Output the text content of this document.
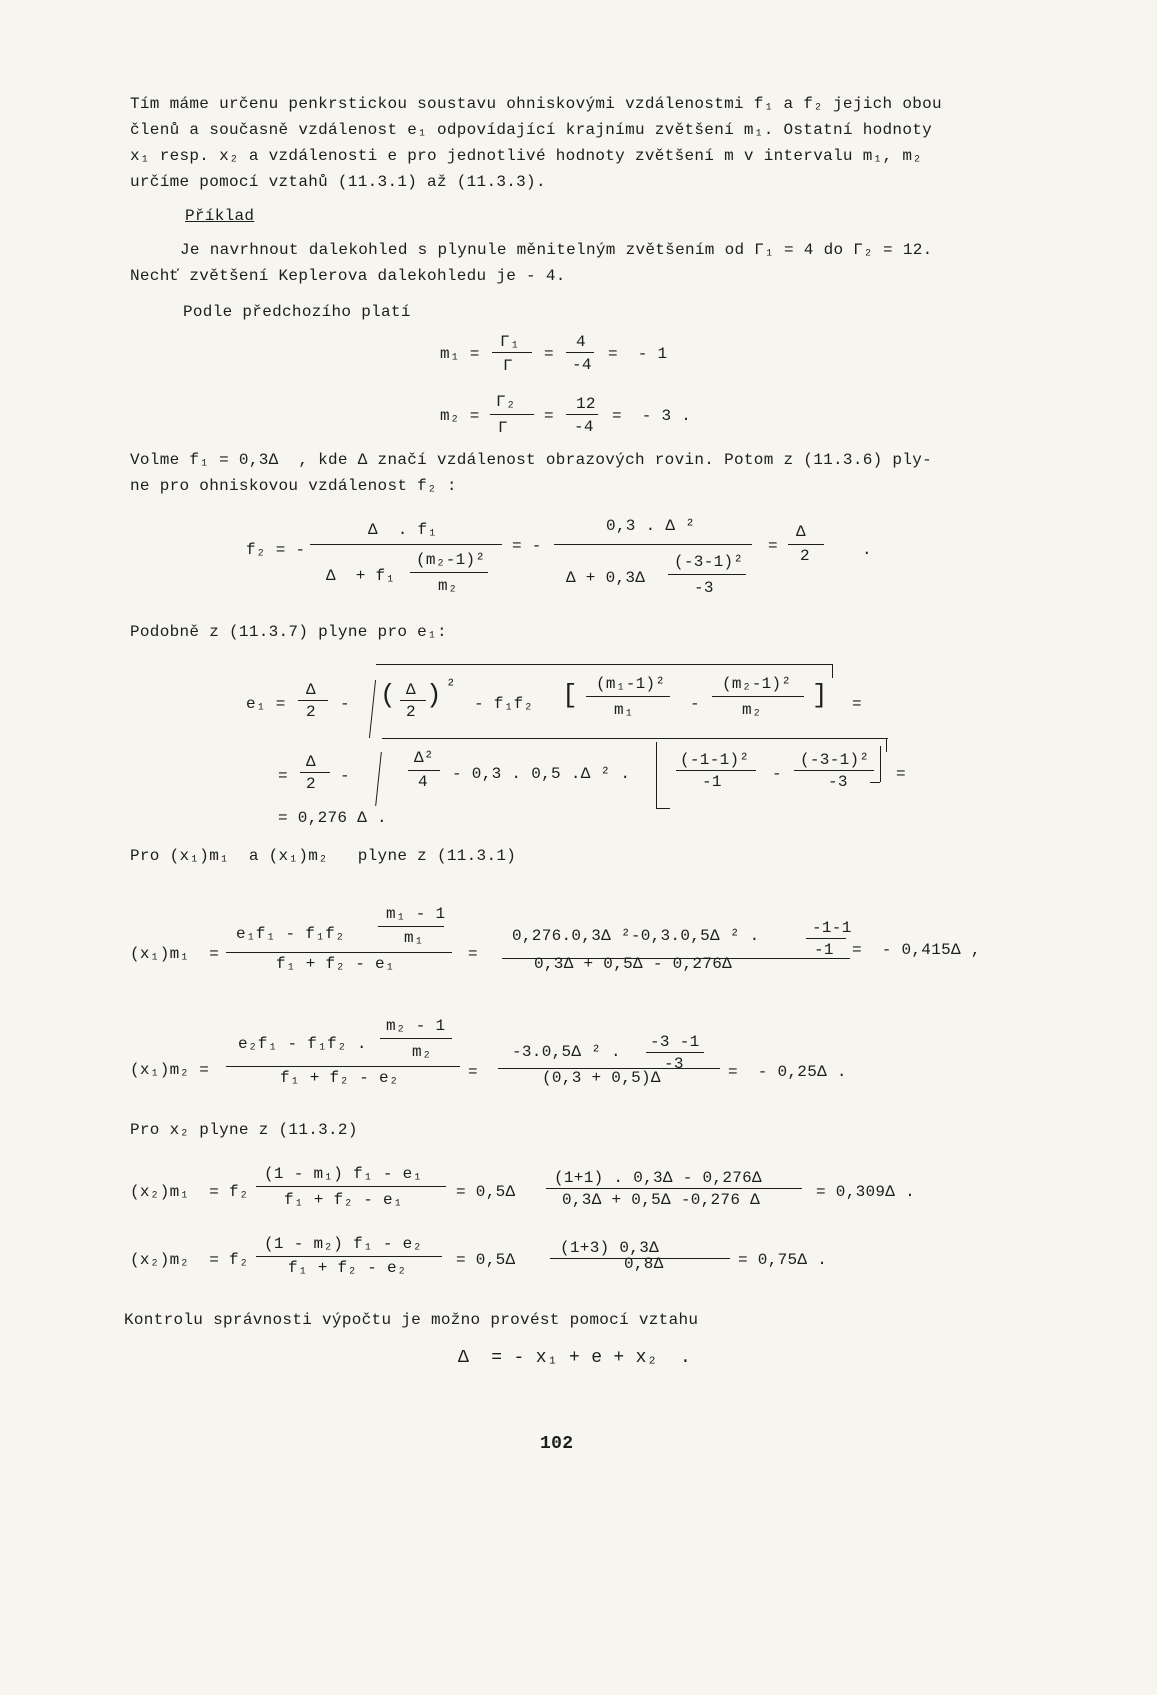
Tím máme určenu penkrstickou soustavu ohniskovými vzdálenostmi f₁ a f₂ jejich obou
členů a současně vzdálenost e₁ odpovídající krajnímu zvětšení m₁. Ostatní hodnoty
x₁ resp. x₂ a vzdálenosti e pro jednotlivé hodnoty zvětšení m v intervalu m₁, m₂
určíme pomocí vztahů (11.3.1) až (11.3.3).
Příklad
Je navrhnout dalekohled s plynule měnitelným zvětšením od Γ₁ = 4 do Γ₂ = 12.
Nechť zvětšení Keplerova dalekohledu je - 4.
Podle předchozího platí
m₁ =
Γ₁
Γ
=
4
-4
=  - 1
m₂ =
Γ₂
Γ
=
12
-4
=  - 3 .
Volme f₁ = 0,3Δ  , kde Δ značí vzdálenost obrazových rovin. Potom z (11.3.6) ply-
ne pro ohniskovou vzdálenost f₂ :
f₂ = -
Δ  . f₁
Δ  + f₁
(m₂-1)²
m₂
= -
0,3 . Δ ²
Δ + 0,3Δ
(-3-1)²
-3
=
Δ
2	.
Podobně z (11.3.7) plyne pro e₁:
e₁ =
Δ
2 - ( Δ
2
) ²
- f₁f₂ [ (m₁-1)²
m₁	-
(m₂-1)²
m₂ ] =
=
Δ
2 -
Δ²
4 - 0,3 . 0,5 .Δ ² .
(-1-1)²
-1	-
(-3-1)²
-3	=
= 0,276 Δ .
Pro (x₁)m₁  a (x₁)m₂   plyne z (11.3.1)
(x₁)m₁  =
e₁f₁ - f₁f₂
m₁ - 1
m₁
f₁ + f₂ - e₁
=
0,276.0,3Δ ²-0,3.0,5Δ ² .	-1-1
-1
0,3Δ + 0,5Δ - 0,276Δ
=  - 0,415Δ ,
(x₁)m₂ =
e₂f₁ - f₁f₂ .
m₂ - 1
m₂
f₁ + f₂ - e₂	=
-3.0,5Δ ² .
-3 -1
-3
(0,3 + 0,5)Δ	=  - 0,25Δ .
Pro x₂ plyne z (11.3.2)
(x₂)m₁  = f₂
(1 - m₁) f₁ - e₁
f₁ + f₂ - e₁	= 0,5Δ
(1+1) . 0,3Δ - 0,276Δ
0,3Δ + 0,5Δ -0,276 Δ	= 0,309Δ .
(x₂)m₂  = f₂
(1 - m₂) f₁ - e₂
f₁ + f₂ - e₂	= 0,5Δ
(1+3) 0,3Δ
0,8Δ	= 0,75Δ .
Kontrolu správnosti výpočtu je možno provést pomocí vztahu
Δ  = - x₁ + e + x₂  .
102
